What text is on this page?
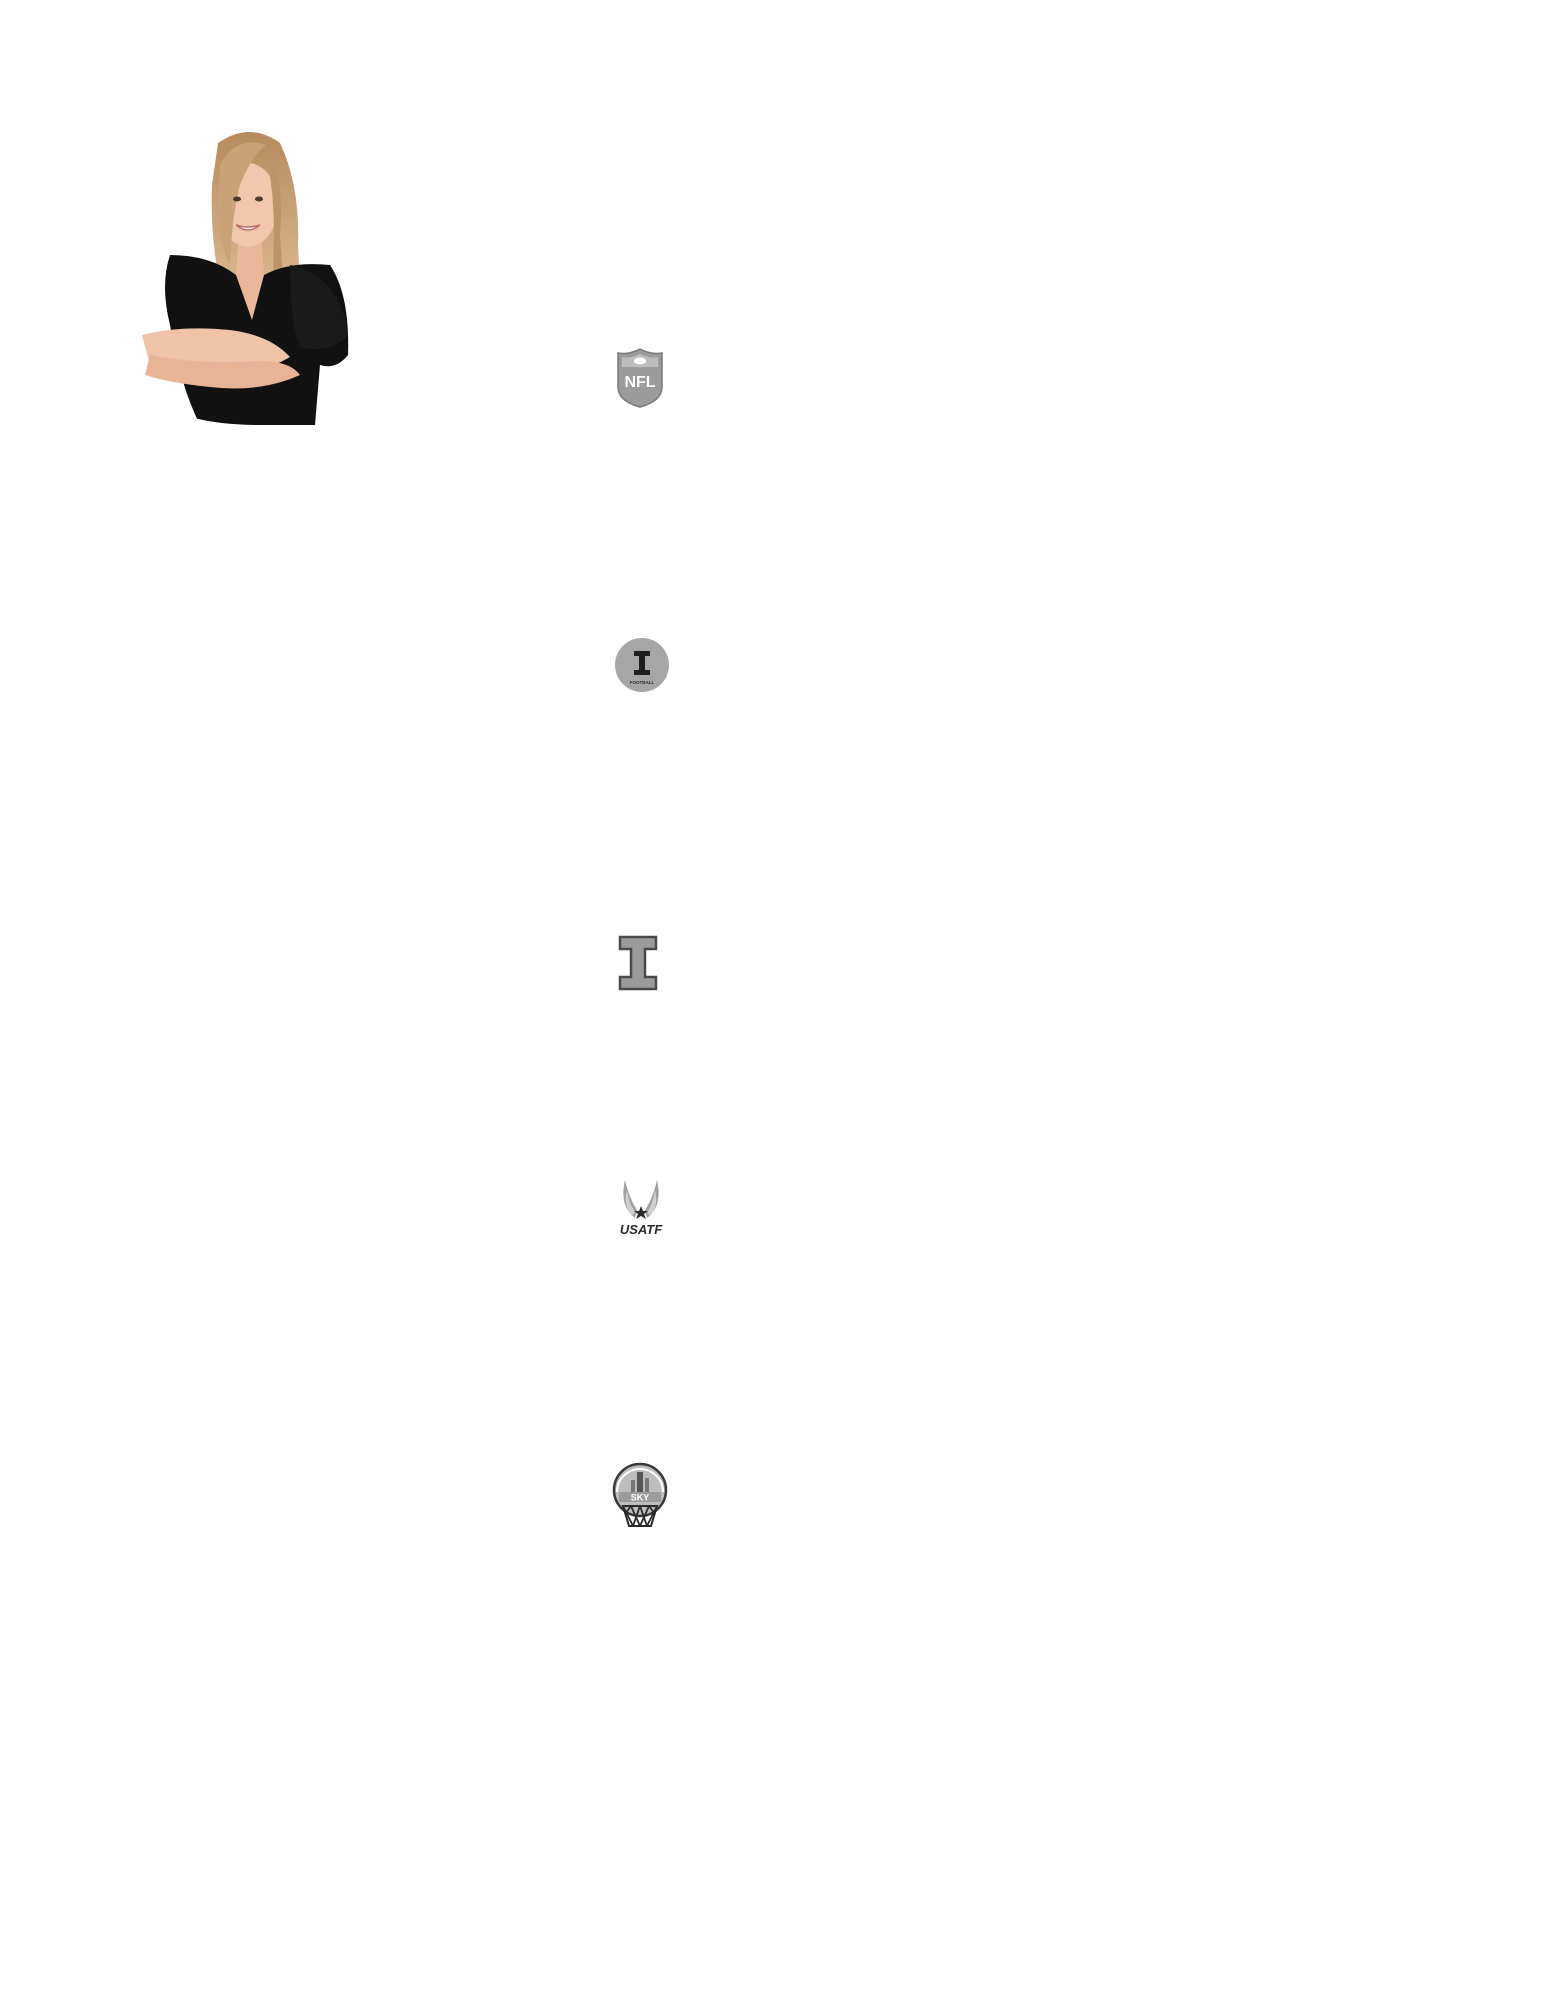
NFL
FOOTBALL
USATF
SKY
